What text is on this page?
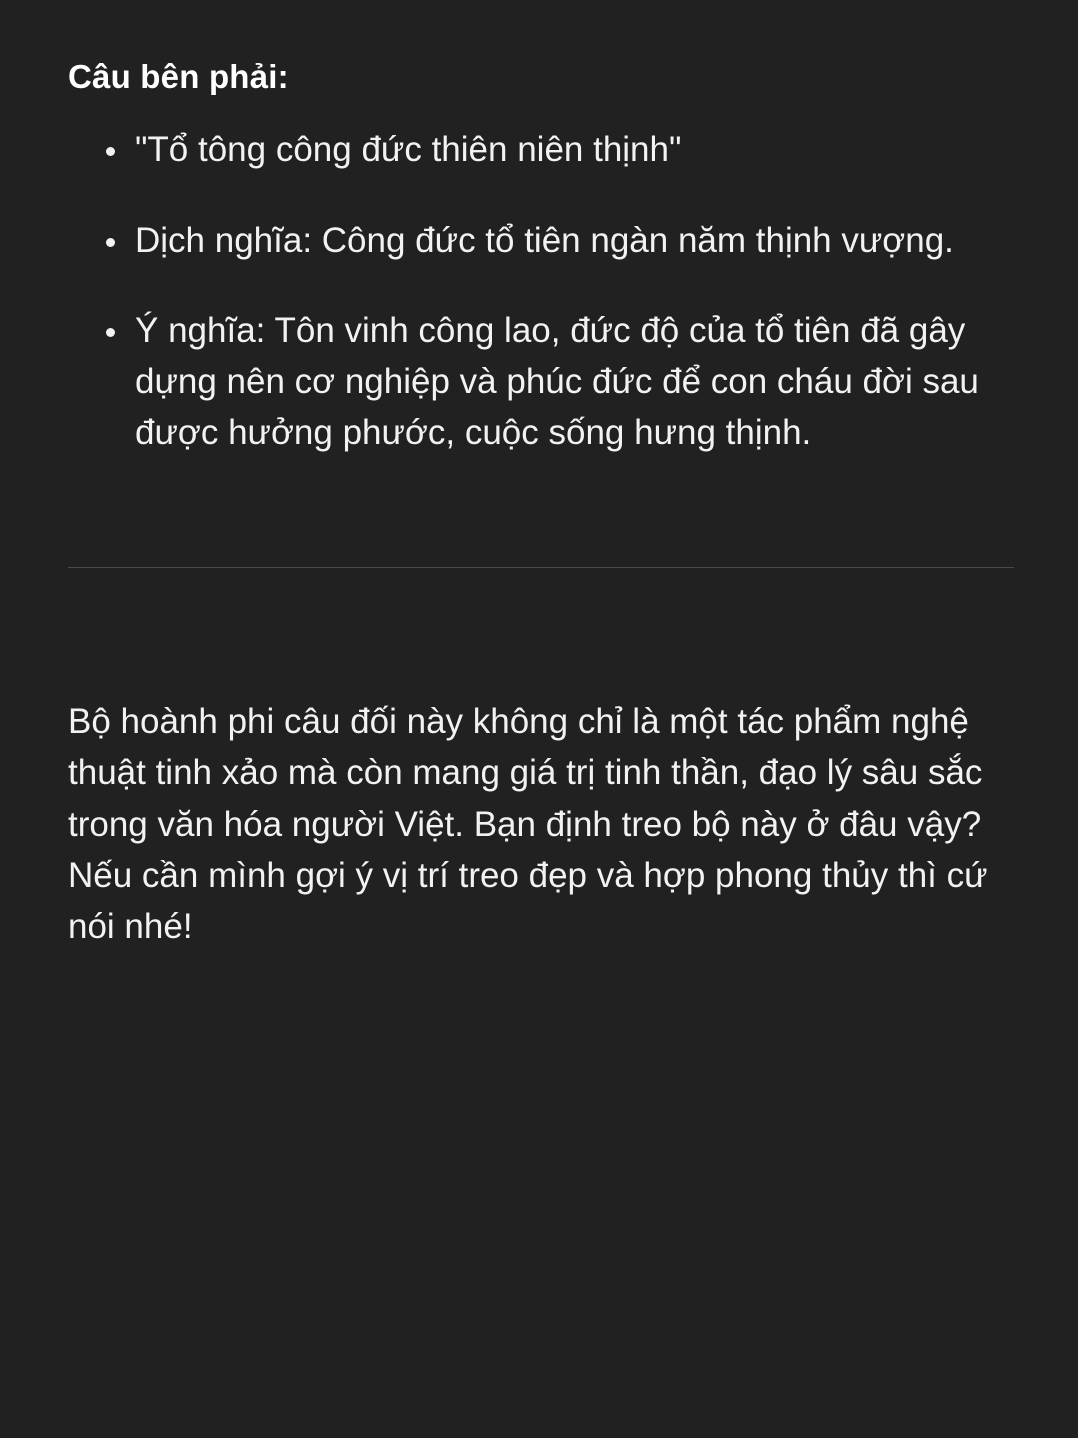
Câu bên phải:
"Tổ tông công đức thiên niên thịnh"
Dịch nghĩa: Công đức tổ tiên ngàn năm thịnh vượng.
Ý nghĩa: Tôn vinh công lao, đức độ của tổ tiên đã gây dựng nên cơ nghiệp và phúc đức để con cháu đời sau được hưởng phước, cuộc sống hưng thịnh.

Bộ hoành phi câu đối này không chỉ là một tác phẩm nghệ thuật tinh xảo mà còn mang giá trị tinh thần, đạo lý sâu sắc trong văn hóa người Việt. Bạn định treo bộ này ở đâu vậy? Nếu cần mình gợi ý vị trí treo đẹp và hợp phong thủy thì cứ nói nhé!
